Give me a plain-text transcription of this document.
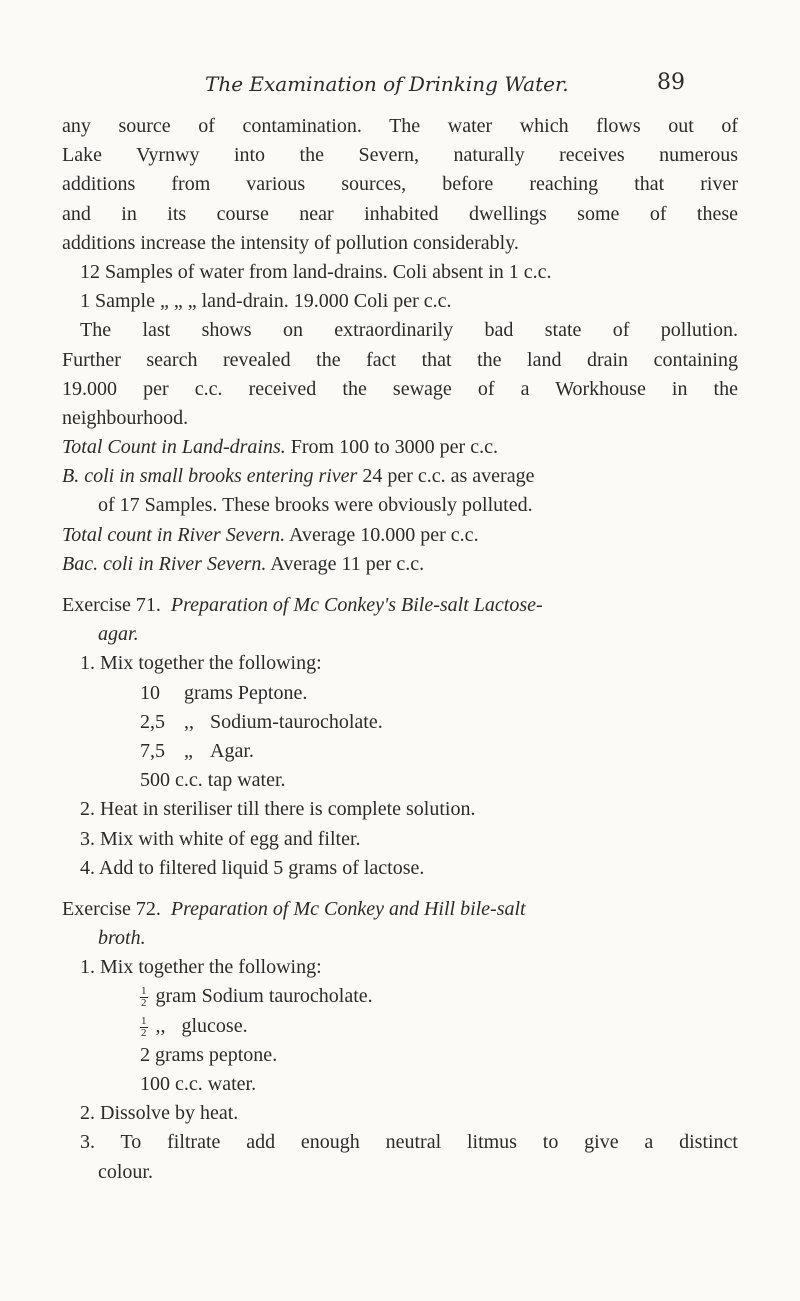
The Examination of Drinking Water.	89
any source of contamination. The water which flows out of
Lake Vyrnwy into the Severn, naturally receives numerous
additions from various sources, before reaching that river
and in its course near inhabited dwellings some of these
additions increase the intensity of pollution considerably.
12 Samples of water from land-drains. Coli absent in 1 c.c.
1 Sample „ „ „ land-drain. 19.000 Coli per c.c.
The last shows on extraordinarily bad state of pollution.
Further search revealed the fact that the land drain containing
19.000 per c.c. received the sewage of a Workhouse in the
neighbourhood.
Total Count in Land-drains. From 100 to 3000 per c.c.
B. coli in small brooks entering river 24 per c.c. as average
of 17 Samples. These brooks were obviously polluted.
Total count in River Severn. Average 10.000 per c.c.
Bac. coli in River Severn. Average 11 per c.c.
Exercise 71. Preparation of Mc Conkey's Bile-salt Lactose-
agar.
1. Mix together the following:
10 grams Peptone.
2,5 ,, Sodium-taurocholate.
7,5 „ Agar.
500 c.c. tap water.
2. Heat in steriliser till there is complete solution.
3. Mix with white of egg and filter.
4. Add to filtered liquid 5 grams of lactose.
Exercise 72. Preparation of Mc Conkey and Hill bile-salt
broth.
1. Mix together the following:
$\frac{1}{2}$ gram Sodium taurocholate.
$\frac{1}{2}$ ,, glucose.
2 grams peptone.
100 c.c. water.
2. Dissolve by heat.
3. To filtrate add enough neutral litmus to give a distinct
colour.
